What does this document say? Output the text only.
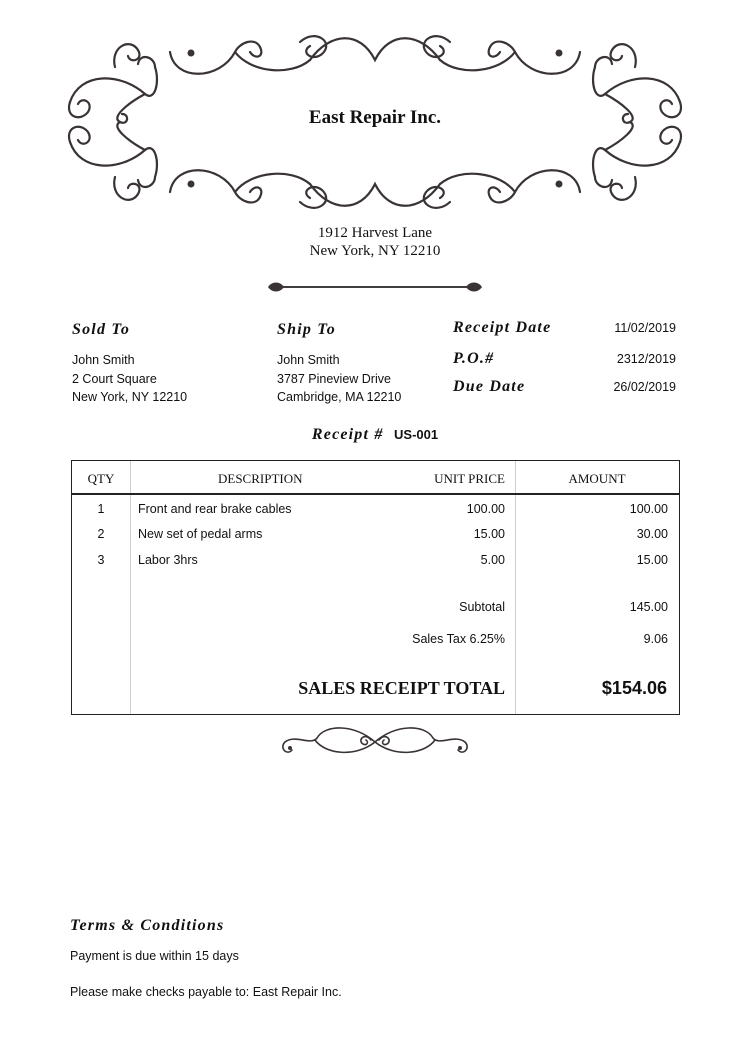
East Repair Inc.
1912 Harvest Lane
New York, NY 12210
Sold To
John Smith
2 Court Square
New York, NY 12210
Ship To
John Smith
3787 Pineview Drive
Cambridge, MA 12210
Receipt Date	11/02/2019
P.O.#	2312/2019
Due Date	26/02/2019
Receipt # US-001
QTY	DESCRIPTION	UNIT PRICE	AMOUNT
1	Front and rear brake cables	100.00	100.00
2	New set of pedal arms	15.00	30.00
3	Labor 3hrs	5.00	15.00
Subtotal	145.00
Sales Tax 6.25%	9.06
SALES RECEIPT TOTAL	$154.06
Terms & Conditions
Payment is due within 15 days
Please make checks payable to: East Repair Inc.
